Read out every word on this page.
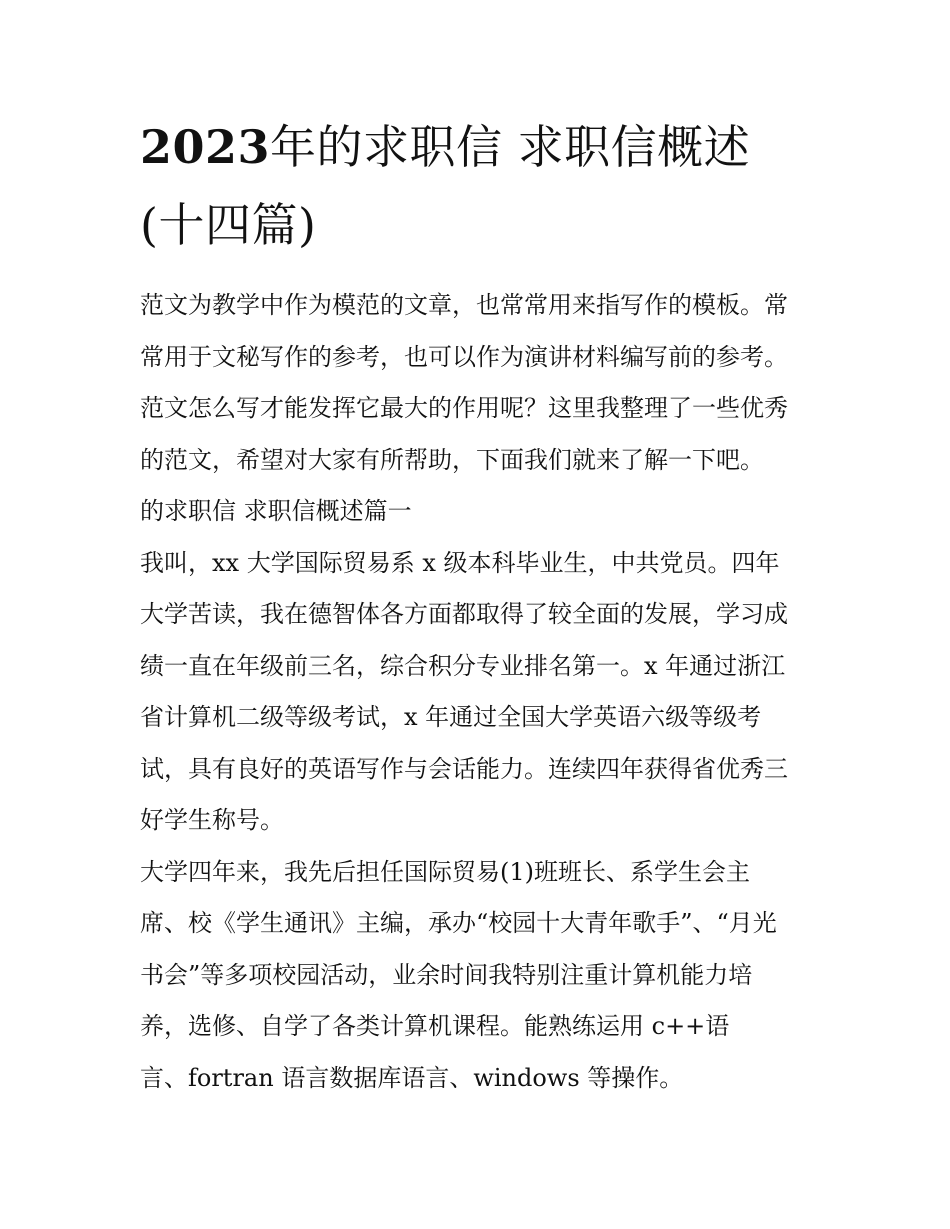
2023年的求职信 求职信概述
(十四篇)
范文为教学中作为模范的文章，也常常用来指写作的模板。常
常用于文秘写作的参考，也可以作为演讲材料编写前的参考。
范文怎么写才能发挥它最大的作用呢？这里我整理了一些优秀
的范文，希望对大家有所帮助，下面我们就来了解一下吧。
的求职信 求职信概述篇一
我叫，xx 大学国际贸易系 x 级本科毕业生，中共党员。四年
大学苦读，我在德智体各方面都取得了较全面的发展，学习成
绩一直在年级前三名，综合积分专业排名第一。x 年通过浙江
省计算机二级等级考试，x 年通过全国大学英语六级等级考
试，具有良好的英语写作与会话能力。连续四年获得省优秀三
好学生称号。
大学四年来，我先后担任国际贸易(1)班班长、系学生会主
席、校《学生通讯》主编，承办“校园十大青年歌手”、“月光
书会”等多项校园活动，业余时间我特别注重计算机能力培
养，选修、自学了各类计算机课程。能熟练运用 c++语
言、fortran 语言数据库语言、windows 等操作。
